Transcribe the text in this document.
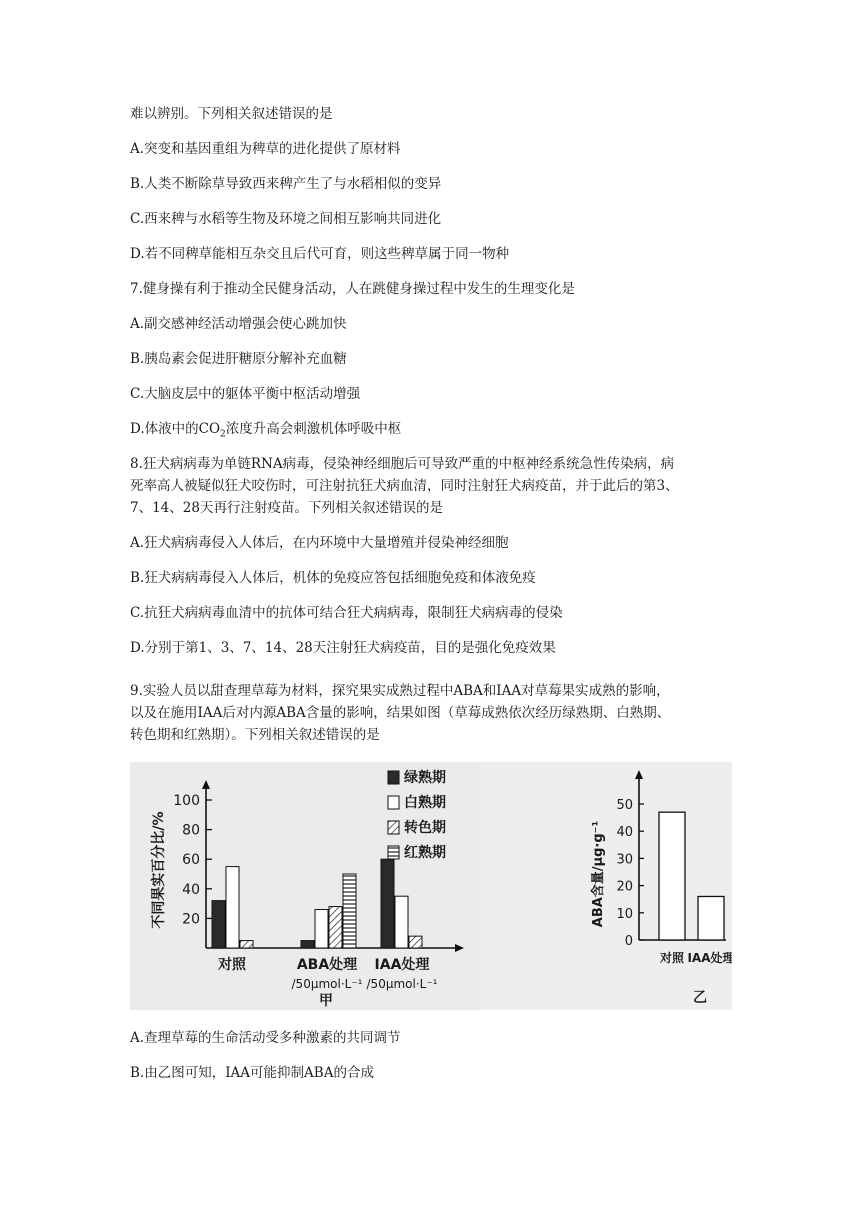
难以辨别。下列相关叙述错误的是
A.突变和基因重组为稗草的进化提供了原材料
B.人类不断除草导致西来稗产生了与水稻相似的变异
C.西来稗与水稻等生物及环境之间相互影响共同进化
D.若不同稗草能相互杂交且后代可育，则这些稗草属于同一物种
7.健身操有利于推动全民健身活动，人在跳健身操过程中发生的生理变化是
A.副交感神经活动增强会使心跳加快
B.胰岛素会促进肝糖原分解补充血糖
C.大脑皮层中的躯体平衡中枢活动增强
D.体液中的$CO_2$浓度升高会刺激机体呼吸中枢
8.狂犬病病毒为单链RNA病毒，侵染神经细胞后可导致严重的中枢神经系统急性传染病，病
死率高人被疑似狂犬咬伤时，可注射抗狂犬病血清，同时注射狂犬病疫苗，并于此后的第3、
7、14、28天再行注射疫苗。下列相关叙述错误的是
A.狂犬病病毒侵入人体后，在内环境中大量增殖并侵染神经细胞
B.狂犬病病毒侵入人体后，机体的免疫应答包括细胞免疫和体液免疫
C.抗狂犬病病毒血清中的抗体可结合狂犬病病毒，限制狂犬病病毒的侵染
D.分别于第1、3、7、14、28天注射狂犬病疫苗，目的是强化免疫效果
9.实验人员以甜查理草莓为材料，探究果实成熟过程中ABA和IAA对草莓果实成熟的影响，
以及在施用IAA后对内源ABA含量的影响，结果如图（草莓成熟依次经历绿熟期、白熟期、
转色期和红熟期）。下列相关叙述错误的是
不同果实百分比/% 20
40
60
80
100
对照	ABA处理
/50μmol·L⁻¹
IAA处理
/50μmol·L⁻¹
绿熟期
白熟期
转色期
红熟期
甲
ABA含量/μg·g⁻¹
0
10
20
30
40
50
对照 IAA处理
乙
A.查理草莓的生命活动受多种激素的共同调节
B.由乙图可知，IAA可能抑制ABA的合成
